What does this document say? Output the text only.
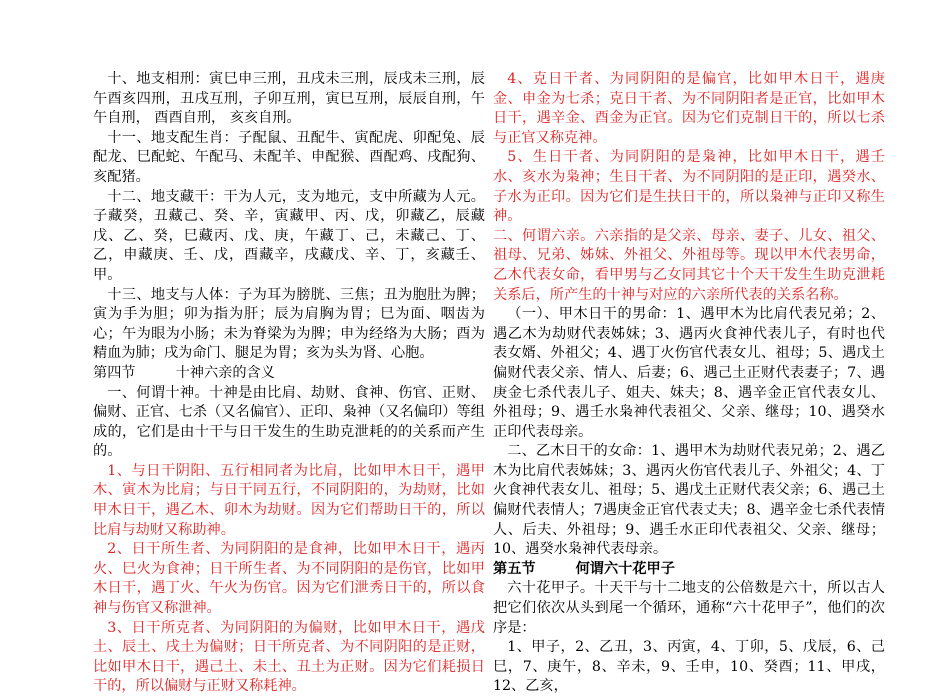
十、地支相刑：寅巳申三刑，丑戌未三刑，辰戌未三刑，辰午酉亥四刑，丑戌互刑，子卯互刑，寅巳互刑，辰辰自刑，午午自刑， 酉酉自刑， 亥亥自刑。

十一、地支配生肖：子配鼠、丑配牛、寅配虎、卯配兔、辰配龙、巳配蛇、午配马、未配羊、申配猴、酉配鸡、戌配狗、亥配猪。

十二、地支藏干：干为人元，支为地元，支中所藏为人元。子藏癸，丑藏己、癸、辛，寅藏甲、丙、戊，卯藏乙，辰藏戊、乙、癸，巳藏丙、戊、庚，午藏丁、己，未藏己、丁、乙，申藏庚、壬、戊，酉藏辛，戌藏戊、辛、丁，亥藏壬、甲。

十三、地支与人体：子为耳为膀胱、三焦；丑为胞肚为脾；寅为手为胆；卯为指为肝；辰为肩胸为胃；巳为面、咽齿为心；午为眼为小肠；未为脊梁为为脾；申为经络为大肠；酉为精血为肺；戌为命门、腿足为胃；亥为头为肾、心胞。

第四节	十神六亲的含义

一、何谓十神。十神是由比肩、劫财、食神、伤官、正财、偏财、正官、七杀（又名偏官）、正印、枭神（又名偏印）等组成的，它们是由十干与日干发生的生助克泄耗的的关系而产生的。

1、与日干阴阳、五行相同者为比肩，比如甲木日干，遇甲木、寅木为比肩；与日干同五行，不同阴阳的，为劫财，比如甲木日干，遇乙木、卯木为劫财。因为它们帮助日干的，所以比肩与劫财又称助神。

2、日干所生者、为同阴阳的是食神，比如甲木日干，遇丙火、巳火为食神；日干所生者、为不同阴阳的是伤官，比如甲木日干，遇丁火、午火为伤官。因为它们泄秀日干的，所以食神与伤官又称泄神。

3、日干所克者、为同阴阳的为偏财，比如甲木日干，遇戊土、辰土、戌土为偏财；日干所克者、为不同阴阳的是正财，比如甲木日干，遇己土、未土、丑土为正财。因为它们耗损日干的，所以偏财与正财又称耗神。

4、克日干者、为同阴阳的是偏官，比如甲木日干，遇庚金、申金为七杀；克日干者、为不同阴阳者是正官，比如甲木日干，遇辛金、酉金为正官。因为它们克制日干的，所以七杀与正官又称克神。

5、生日干者、为同阴阳的是枭神，比如甲木日干，遇壬水、亥水为枭神；生日干者、为不同阴阳的是正印，遇癸水、子水为正印。因为它们是生扶日干的，所以枭神与正印又称生神。

二、何谓六亲。六亲指的是父亲、母亲、妻子、儿女、祖父、祖母、兄弟、姊妹、外祖父、外祖母等。现以甲木代表男命，乙木代表女命，看甲男与乙女同其它十个天干发生生助克泄耗关系后，所产生的十神与对应的六亲所代表的关系名称。

（一）、甲木日干的男命：1、遇甲木为比肩代表兄弟；2、遇乙木为劫财代表姊妹；3、遇丙火食神代表儿子，有时也代表女婿、外祖父；4、遇丁火伤官代表女儿、祖母；5、遇戊土偏财代表父亲、情人、后妻；6、遇己土正财代表妻子；7、遇庚金七杀代表儿子、姐夫、妹夫；8、遇辛金正官代表女儿、外祖母；9、遇壬水枭神代表祖父、父亲、继母；10、遇癸水正印代表母亲。

二、乙木日干的女命：1、遇甲木为劫财代表兄弟；2、遇乙木为比肩代表姊妹；3、遇丙火伤官代表儿子、外祖父；4、丁火食神代表女儿、祖母；5、遇戊土正财代表父亲；6、遇己土偏财代表情人；7遇庚金正官代表丈夫；8、遇辛金七杀代表情人、后夫、外祖母；9、遇壬水正印代表祖父、父亲、继母；10、遇癸水枭神代表母亲。

第五节	何谓六十花甲子

六十花甲子。十天干与十二地支的公倍数是六十，所以古人把它们依次从头到尾一个循环，通称“六十花甲子”，他们的次序是：

1、甲子，2、乙丑，3、丙寅，4、丁卯，5、戊辰，6、己巳，7、庚午，8、辛未，9、壬申，10、癸酉；11、甲戌，12、乙亥，
